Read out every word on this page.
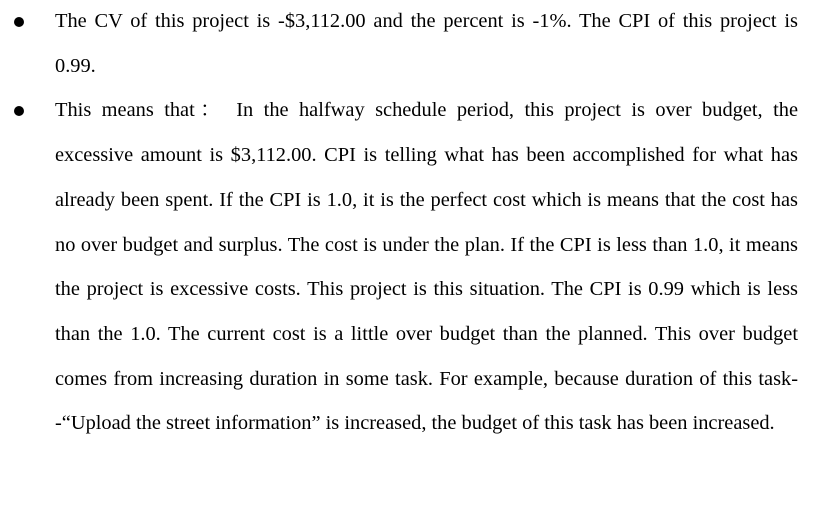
The CV of this project is -$3,112.00 and the percent is -1%. The CPI of this project is 0.99.
This means that： In the halfway schedule period, this project is over budget, the excessive amount is $3,112.00. CPI is telling what has been accomplished for what has already been spent. If the CPI is 1.0, it is the perfect cost which is means that the cost has no over budget and surplus. The cost is under the plan. If the CPI is less than 1.0, it means the project is excessive costs. This project is this situation. The CPI is 0.99 which is less than the 1.0. The current cost is a little over budget than the planned. This over budget comes from increasing duration in some task. For example, because duration of this task--“Upload the street information” is increased, the budget of this task has been increased.
